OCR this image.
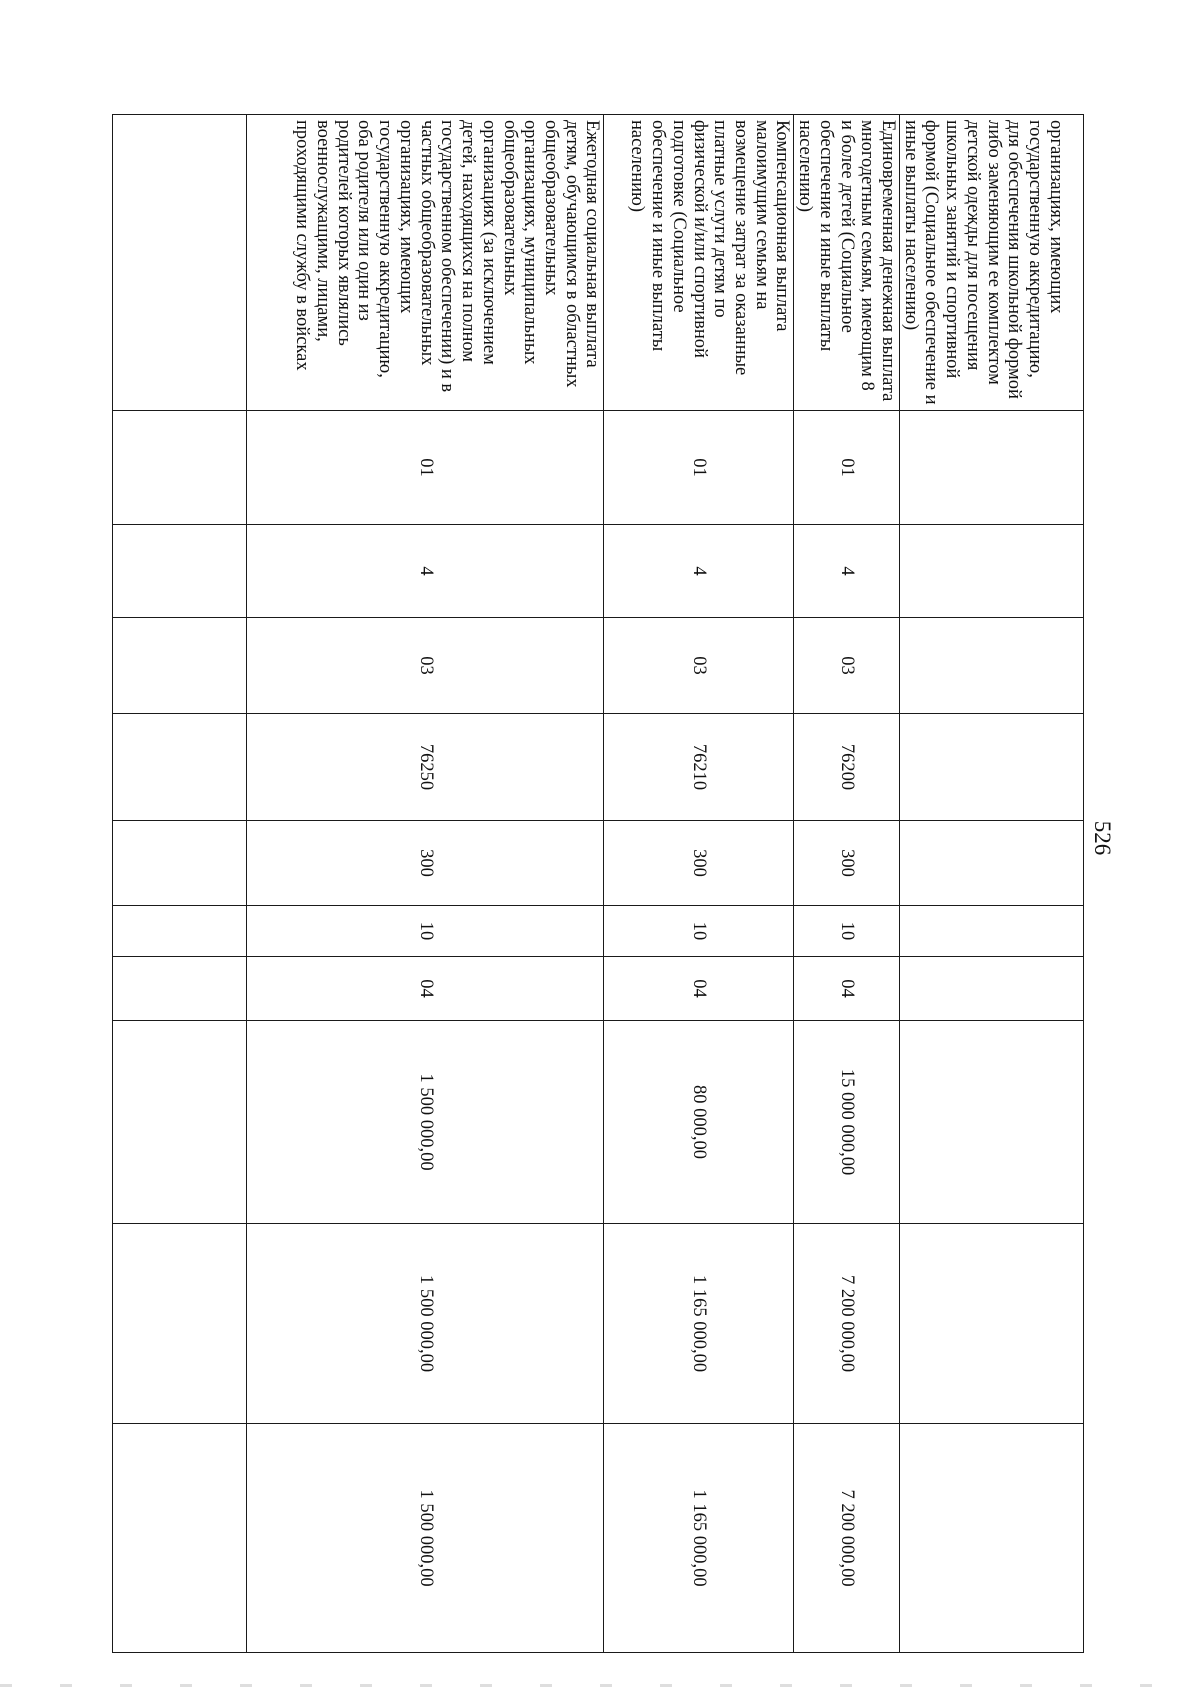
526
организациях, имеющих государственную аккредитацию, для обеспечения школьной формой либо заменяющим ее комплектом детской одежды для посещения школьных занятий и спортивной формой (Социальное обеспечение и иные выплаты населению)										
Единовременная денежная выплата многодетным семьям, имеющим 8 и более детей (Социальное обеспечение и иные выплаты населению)	01	4	03	76200	300	10	04	15 000 000,00	7 200 000,00	7 200 000,00
Компенсационная выплата малоимущим семьям на возмещение затрат за оказанные платные услуги детям по физической и/или спортивной подготовке (Социальное обеспечение и иные выплаты населению)	01	4	03	76210	300	10	04	80 000,00	1 165 000,00	1 165 000,00
Ежегодная социальная выплата детям, обучающимся в областных общеобразовательных организациях, муниципальных общеобразовательных организациях (за исключением детей, находящихся на полном государственном обеспечении) и в частных общеобразовательных организациях, имеющих государственную аккредитацию, оба родителя или один из родителей которых являлись военнослужащими, лицами, проходящими службу в войсках	01	4	03	76250	300	10	04	1 500 000,00	1 500 000,00	1 500 000,00
